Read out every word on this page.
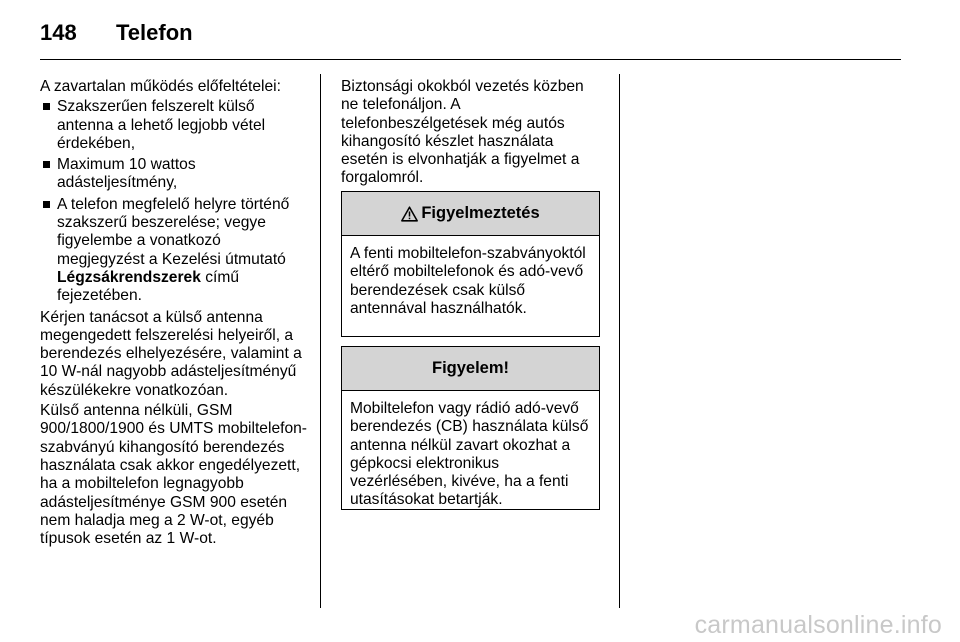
148 Telefon

A zavartalan működés előfeltételei:

Szakszerűen felszerelt külső antenna a lehető legjobb vétel érdekében,
Maximum 10 wattos adásteljesítmény,
A telefon megfelelő helyre történő szakszerű beszerelése; vegye figyelembe a vonatkozó megjegyzést a Kezelési útmutató Légzsákrendszerek című fejezetében.

Kérjen tanácsot a külső antenna megengedett felszerelési helyeiről, a berendezés elhelyezésére, valamint a 10 W-nál nagyobb adásteljesítményű készülékekre vonatkozóan.

Külső antenna nélküli, GSM 900/1800/1900 és UMTS mobiltelefon-szabványú kihangosító berendezés használata csak akkor engedélyezett, ha a mobiltelefon legnagyobb adásteljesítménye GSM 900 esetén nem haladja meg a 2 W-ot, egyéb típusok esetén az 1 W-ot.

Biztonsági okokból vezetés közben ne telefonáljon. A telefonbeszélgetések még autós kihangosító készlet használata esetén is elvonhatják a figyelmet a forgalomról.

Figyelmeztetés
A fenti mobiltelefon-szabványoktól eltérő mobiltelefonok és adó-vevő berendezések csak külső antennával használhatók.
Figyelem!
Mobiltelefon vagy rádió adó-vevő berendezés (CB) használata külső antenna nélkül zavart okozhat a gépkocsi elektronikus vezérlésében, kivéve, ha a fenti utasításokat betartják.
carmanualsonline.info
